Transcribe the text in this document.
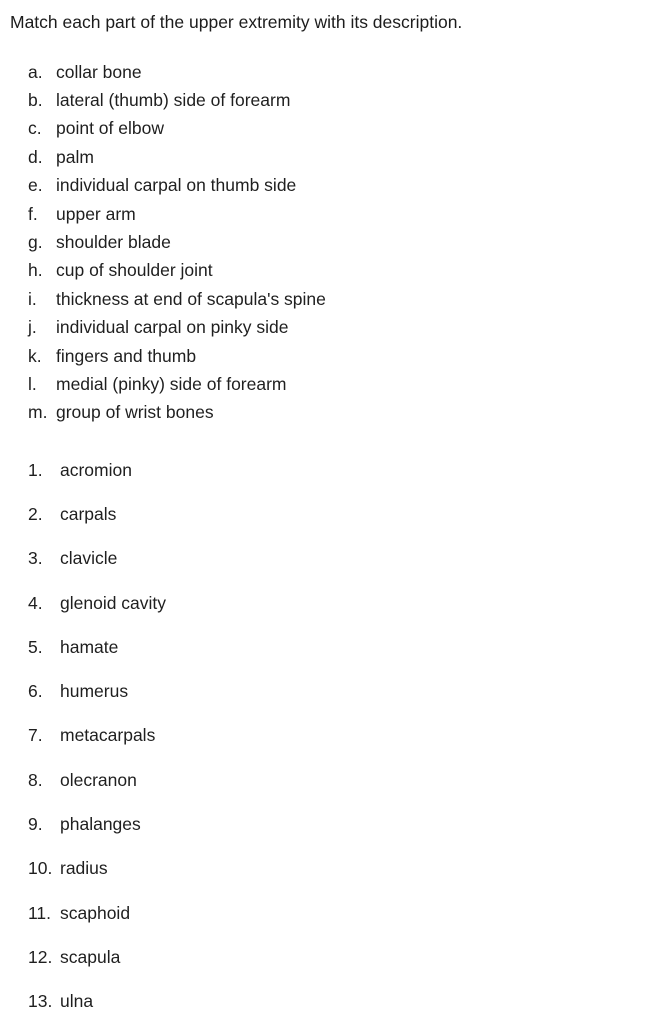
Match each part of the upper extremity with its description.
a. collar bone
b. lateral (thumb) side of forearm
c. point of elbow
d. palm
e. individual carpal on thumb side
f.	upper arm
g. shoulder blade
h. cup of shoulder joint
i.	thickness at end of scapula's spine
j.	individual carpal on pinky side
k. fingers and thumb
l.	medial (pinky) side of forearm
m. group of wrist bones
1. acromion
2. carpals
3. clavicle
4. glenoid cavity
5. hamate
6. humerus
7. metacarpals
8. olecranon
9. phalanges
10. radius
11. scaphoid
12. scapula
13. ulna
